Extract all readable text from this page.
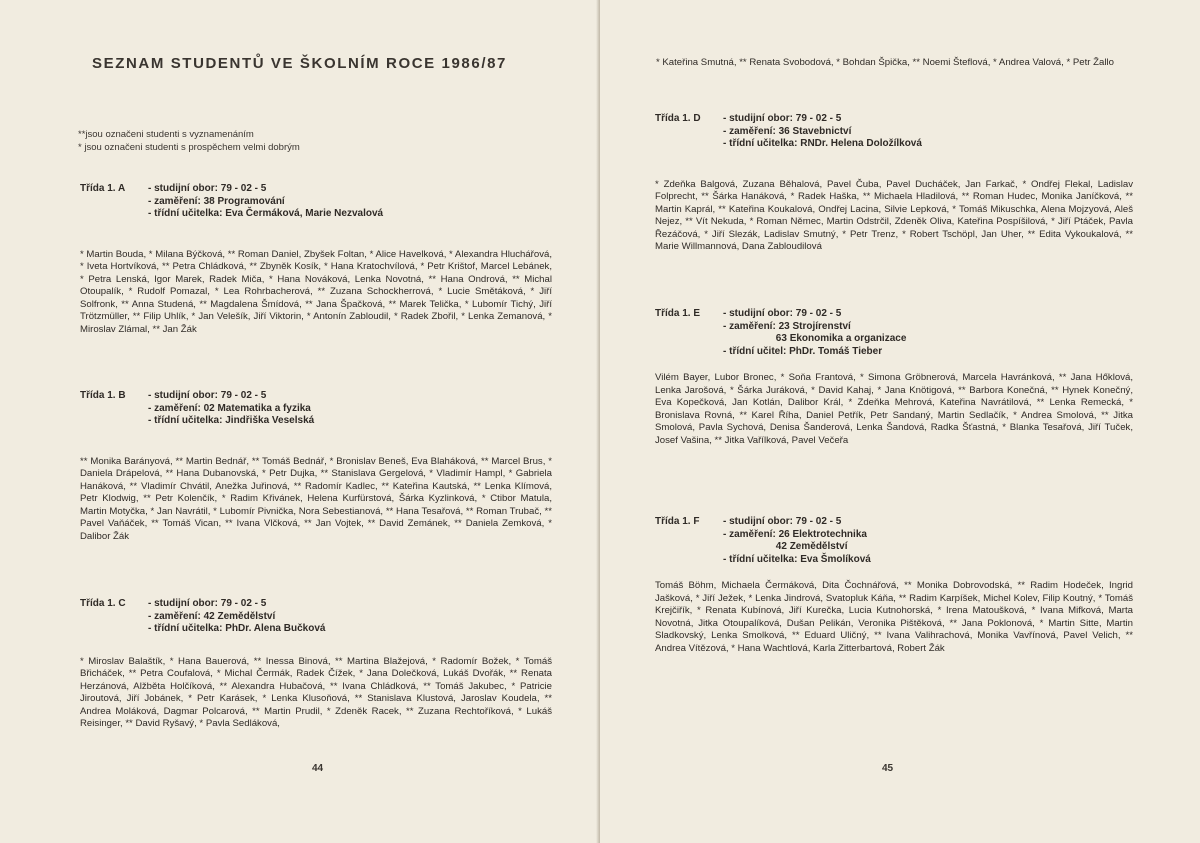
SEZNAM STUDENTŮ VE ŠKOLNÍM ROCE 1986/87
**jsou označeni studenti s vyznamenáním
* jsou označeni studenti s prospěchem velmi dobrým
Třída 1. A	- studijní obor: 79 - 02 - 5
- zaměření: 38 Programování
- třídní učitelka: Eva Čermáková, Marie Nezvalová
* Martin Bouda, * Milana Býčková, ** Roman Daniel, Zbyšek Foltan, * Alice Havelková, * Alexandra Hluchářová, * Iveta Hortvíková, ** Petra Chládková, ** Zbyněk Kosík, * Hana Kratochvílová, * Petr Krištof, Marcel Lebánek, * Petra Lenská, Igor Marek, Radek Miča, * Hana Nováková, Lenka Novotná, ** Hana Ondrová, ** Michal Otoupalík, * Rudolf Pomazal, * Lea Rohrbacherová, ** Zuzana Schockherrová, * Lucie Smětáková, * Jiří Solfronk, ** Anna Studená, ** Magdalena Šmídová, ** Jana Špačková, ** Marek Telička, * Lubomír Tichý, Jiří Trötzmüller, ** Filip Uhlík, * Jan Velešík, Jiří Viktorin, * Antonín Zabloudil, * Radek Zbořil, * Lenka Zemanová, * Miroslav Zlámal, ** Jan Žák
Třída 1. B	- studijní obor: 79 - 02 - 5
- zaměření: 02 Matematika a fyzika
- třídní učitelka: Jindřiška Veselská
** Monika Barányová, ** Martin Bednář, ** Tomáš Bednář, * Bronislav Beneš, Eva Blaháková, ** Marcel Brus, * Daniela Drápelová, ** Hana Dubanovská, * Petr Dujka, ** Stanislava Gergelová, * Vladimír Hampl, * Gabriela Hanáková, ** Vladimír Chvátil, Anežka Juřinová, ** Radomír Kadlec, ** Kateřina Kautská, ** Lenka Klímová, Petr Klodwig, ** Petr Kolenčík, * Radim Křivánek, Helena Kurfürstová, Šárka Kyzlinková, * Ctibor Matula, Martin Motyčka, * Jan Navrátil, * Lubomír Pivnička, Nora Sebestianová, ** Hana Tesařová, ** Roman Trubač, ** Pavel Vaňáček, ** Tomáš Vican, ** Ivana Vlčková, ** Jan Vojtek, ** David Zemánek, ** Daniela Zemková, * Dalibor Žák
Třída 1. C	- studijní obor: 79 - 02 - 5
- zaměření: 42 Zemědělství
- třídní učitelka: PhDr. Alena Bučková
* Miroslav Balaštík, * Hana Bauerová, ** Inessa Binová, ** Martina Blažejová, * Radomír Božek, * Tomáš Břicháček, ** Petra Coufalová, * Michal Čermák, Radek Čížek, * Jana Dolečková, Lukáš Dvořák, ** Renata Herzánová, Alžběta Holčíková, ** Alexandra Hubačová, ** Ivana Chládková, ** Tomáš Jakubec, * Patricie Jiroutová, Jiří Jobánek, * Petr Karásek, * Lenka Klusoňová, ** Stanislava Klustová, Jaroslav Koudela, ** Andrea Moláková, Dagmar Polcarová, ** Martin Prudil, * Zdeněk Racek, ** Zuzana Rechtoříková, * Lukáš Reisinger, ** David Ryšavý, * Pavla Sedláková,
44
* Kateřina Smutná, ** Renata Svobodová, * Bohdan Špička, ** Noemi Šteflová, * Andrea Valová, * Petr Žallo
Třída 1. D	- studijní obor: 79 - 02 - 5
- zaměření: 36 Stavebnictví
- třídní učitelka: RNDr. Helena Doložílková
* Zdeňka Balgová, Zuzana Běhalová, Pavel Čuba, Pavel Ducháček, Jan Farkač, * Ondřej Flekal, Ladislav Folprecht, ** Šárka Hanáková, * Radek Haška, ** Michaela Hladilová, ** Roman Hudec, Monika Janíčková, ** Martin Kaprál, ** Kateřina Koukalová, Ondřej Lacina, Silvie Lepková, * Tomáš Mikuschka, Alena Mojzyová, Aleš Nejez, ** Vít Nekuda, * Roman Němec, Martin Odstrčil, Zdeněk Oliva, Kateřina Pospíšilová, * Jiří Ptáček, Pavla Řezáčová, * Jiří Slezák, Ladislav Smutný, * Petr Trenz, * Robert Tschöpl, Jan Uher, ** Edita Vykoukalová, ** Marie Willmannová, Dana Zabloudilová
Třída 1. E	- studijní obor: 79 - 02 - 5
- zaměření: 23 Strojírenství
63 Ekonomika a organizace
- třídní učitel: PhDr. Tomáš Tieber
Vilém Bayer, Lubor Bronec, * Soňa Frantová, * Simona Gröbnerová, Marcela Havránková, ** Jana Hőklová, Lenka Jarošová, * Šárka Juráková, * David Kahaj, * Jana Knötigová, ** Barbora Konečná, ** Hynek Konečný, Eva Kopečková, Jan Kotlán, Dalibor Král, * Zdeňka Mehrová, Kateřina Navrátilová, ** Lenka Remecká, * Bronislava Rovná, ** Karel Říha, Daniel Petřík, Petr Sandaný, Martin Sedlačík, * Andrea Smolová, ** Jitka Smolová, Pavla Sychová, Denisa Šanderová, Lenka Šandová, Radka Šťastná, * Blanka Tesařová, Jiří Tuček, Josef Vašina, ** Jitka Vařílková, Pavel Večeřa
Třída 1. F	- studijní obor: 79 - 02 - 5
- zaměření: 26 Elektrotechnika
42 Zemědělství
- třídní učitelka: Eva Šmolíková
Tomáš Böhm, Michaela Čermáková, Dita Čochnářová, ** Monika Dobrovodská, ** Radim Hodeček, Ingrid Jašková, * Jiří Ježek, * Lenka Jindrová, Svatopluk Káňa, ** Radim Karpíšek, Michel Kolev, Filip Koutný, * Tomáš Krejčiřík, * Renata Kubínová, Jiří Kurečka, Lucia Kutnohorská, * Irena Matoušková, * Ivana Mifková, Marta Novotná, Jitka Otoupalíková, Dušan Pelikán, Veronika Pištěková, ** Jana Poklonová, * Martin Sitte, Martin Sladkovský, Lenka Smolková, ** Eduard Uličný, ** Ivana Valihrachová, Monika Vavřínová, Pavel Velich, ** Andrea Vítězová, * Hana Wachtlová, Karla Zitterbartová, Robert Žák
45
